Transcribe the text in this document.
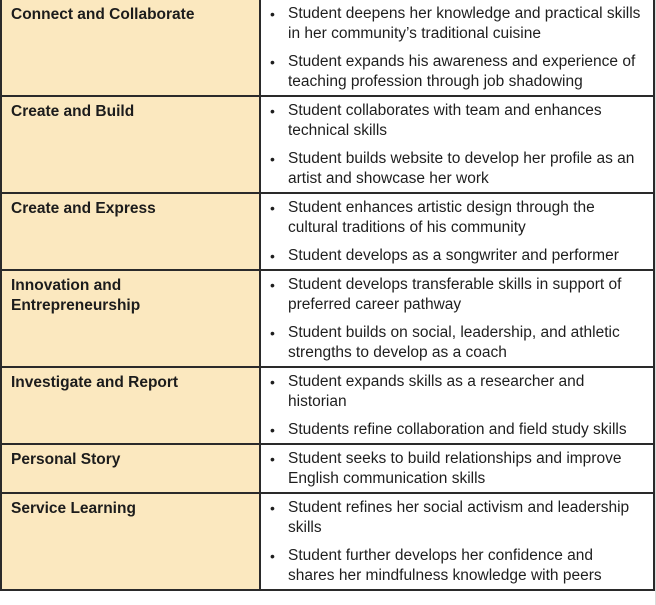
Connect and Collaborate	• Student deepens her knowledge and practical skills in her community’s traditional cuisine
• Student expands his awareness and experience of teaching profession through job shadowing

Create and Build	• Student collaborates with team and enhances technical skills
• Student builds website to develop her profile as an artist and showcase her work

Create and Express	• Student enhances artistic design through the cultural traditions of his community
• Student develops as a songwriter and performer

Innovation and Entrepreneurship	• Student develops transferable skills in support of preferred career pathway
• Student builds on social, leadership, and athletic strengths to develop as a coach

Investigate and Report	• Student expands skills as a researcher and historian
• Students refine collaboration and field study skills

Personal Story	• Student seeks to build relationships and improve English communication skills

Service Learning	• Student refines her social activism and leadership skills
• Student further develops her confidence and shares her mindfulness knowledge with peers
